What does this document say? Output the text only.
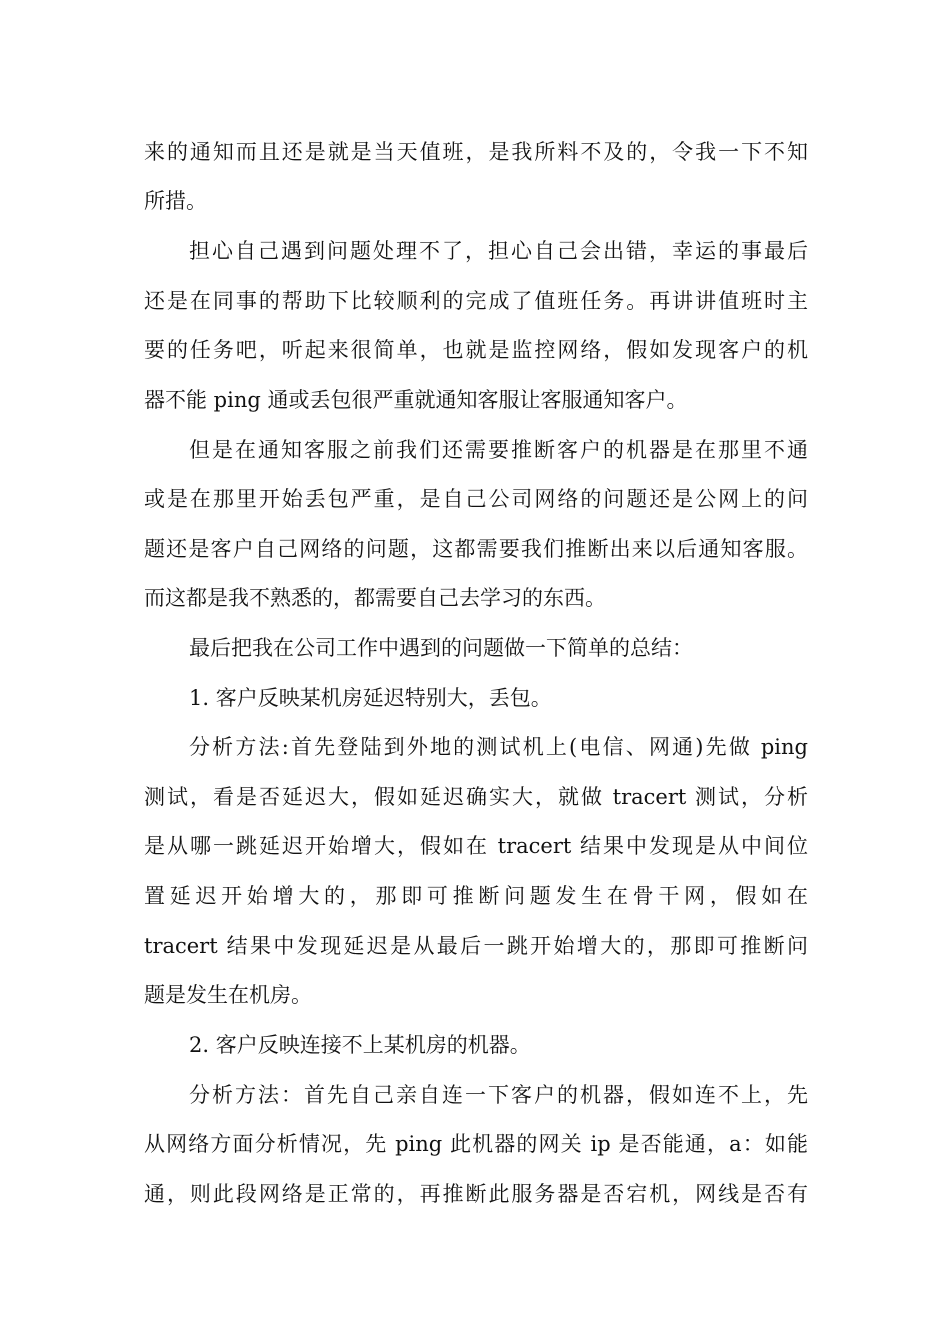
来的通知而且还是就是当天值班，是我所料不及的，令我一下不知
所措。
担心自己遇到问题处理不了，担心自己会出错，幸运的事最后
还是在同事的帮助下比较顺利的完成了值班任务。再讲讲值班时主
要的任务吧，听起来很简单，也就是监控网络，假如发现客户的机
器不能 ping 通或丢包很严重就通知客服让客服通知客户。
但是在通知客服之前我们还需要推断客户的机器是在那里不通
或是在那里开始丢包严重，是自己公司网络的问题还是公网上的问
题还是客户自己网络的问题，这都需要我们推断出来以后通知客服。
而这都是我不熟悉的，都需要自己去学习的东西。
最后把我在公司工作中遇到的问题做一下简单的总结：
1. 客户反映某机房延迟特别大，丢包。
分析方法:首先登陆到外地的测试机上(电信、网通)先做 ping
测试，看是否延迟大，假如延迟确实大，就做 tracert 测试，分析
是从哪一跳延迟开始增大，假如在 tracert 结果中发现是从中间位
置延迟开始增大的，那即可推断问题发生在骨干网，假如在
tracert 结果中发现延迟是从最后一跳开始增大的，那即可推断问
题是发生在机房。
2. 客户反映连接不上某机房的机器。
分析方法：首先自己亲自连一下客户的机器，假如连不上，先
从网络方面分析情况，先 ping 此机器的网关 ip 是否能通，a：如能
通，则此段网络是正常的，再推断此服务器是否宕机，网线是否有
